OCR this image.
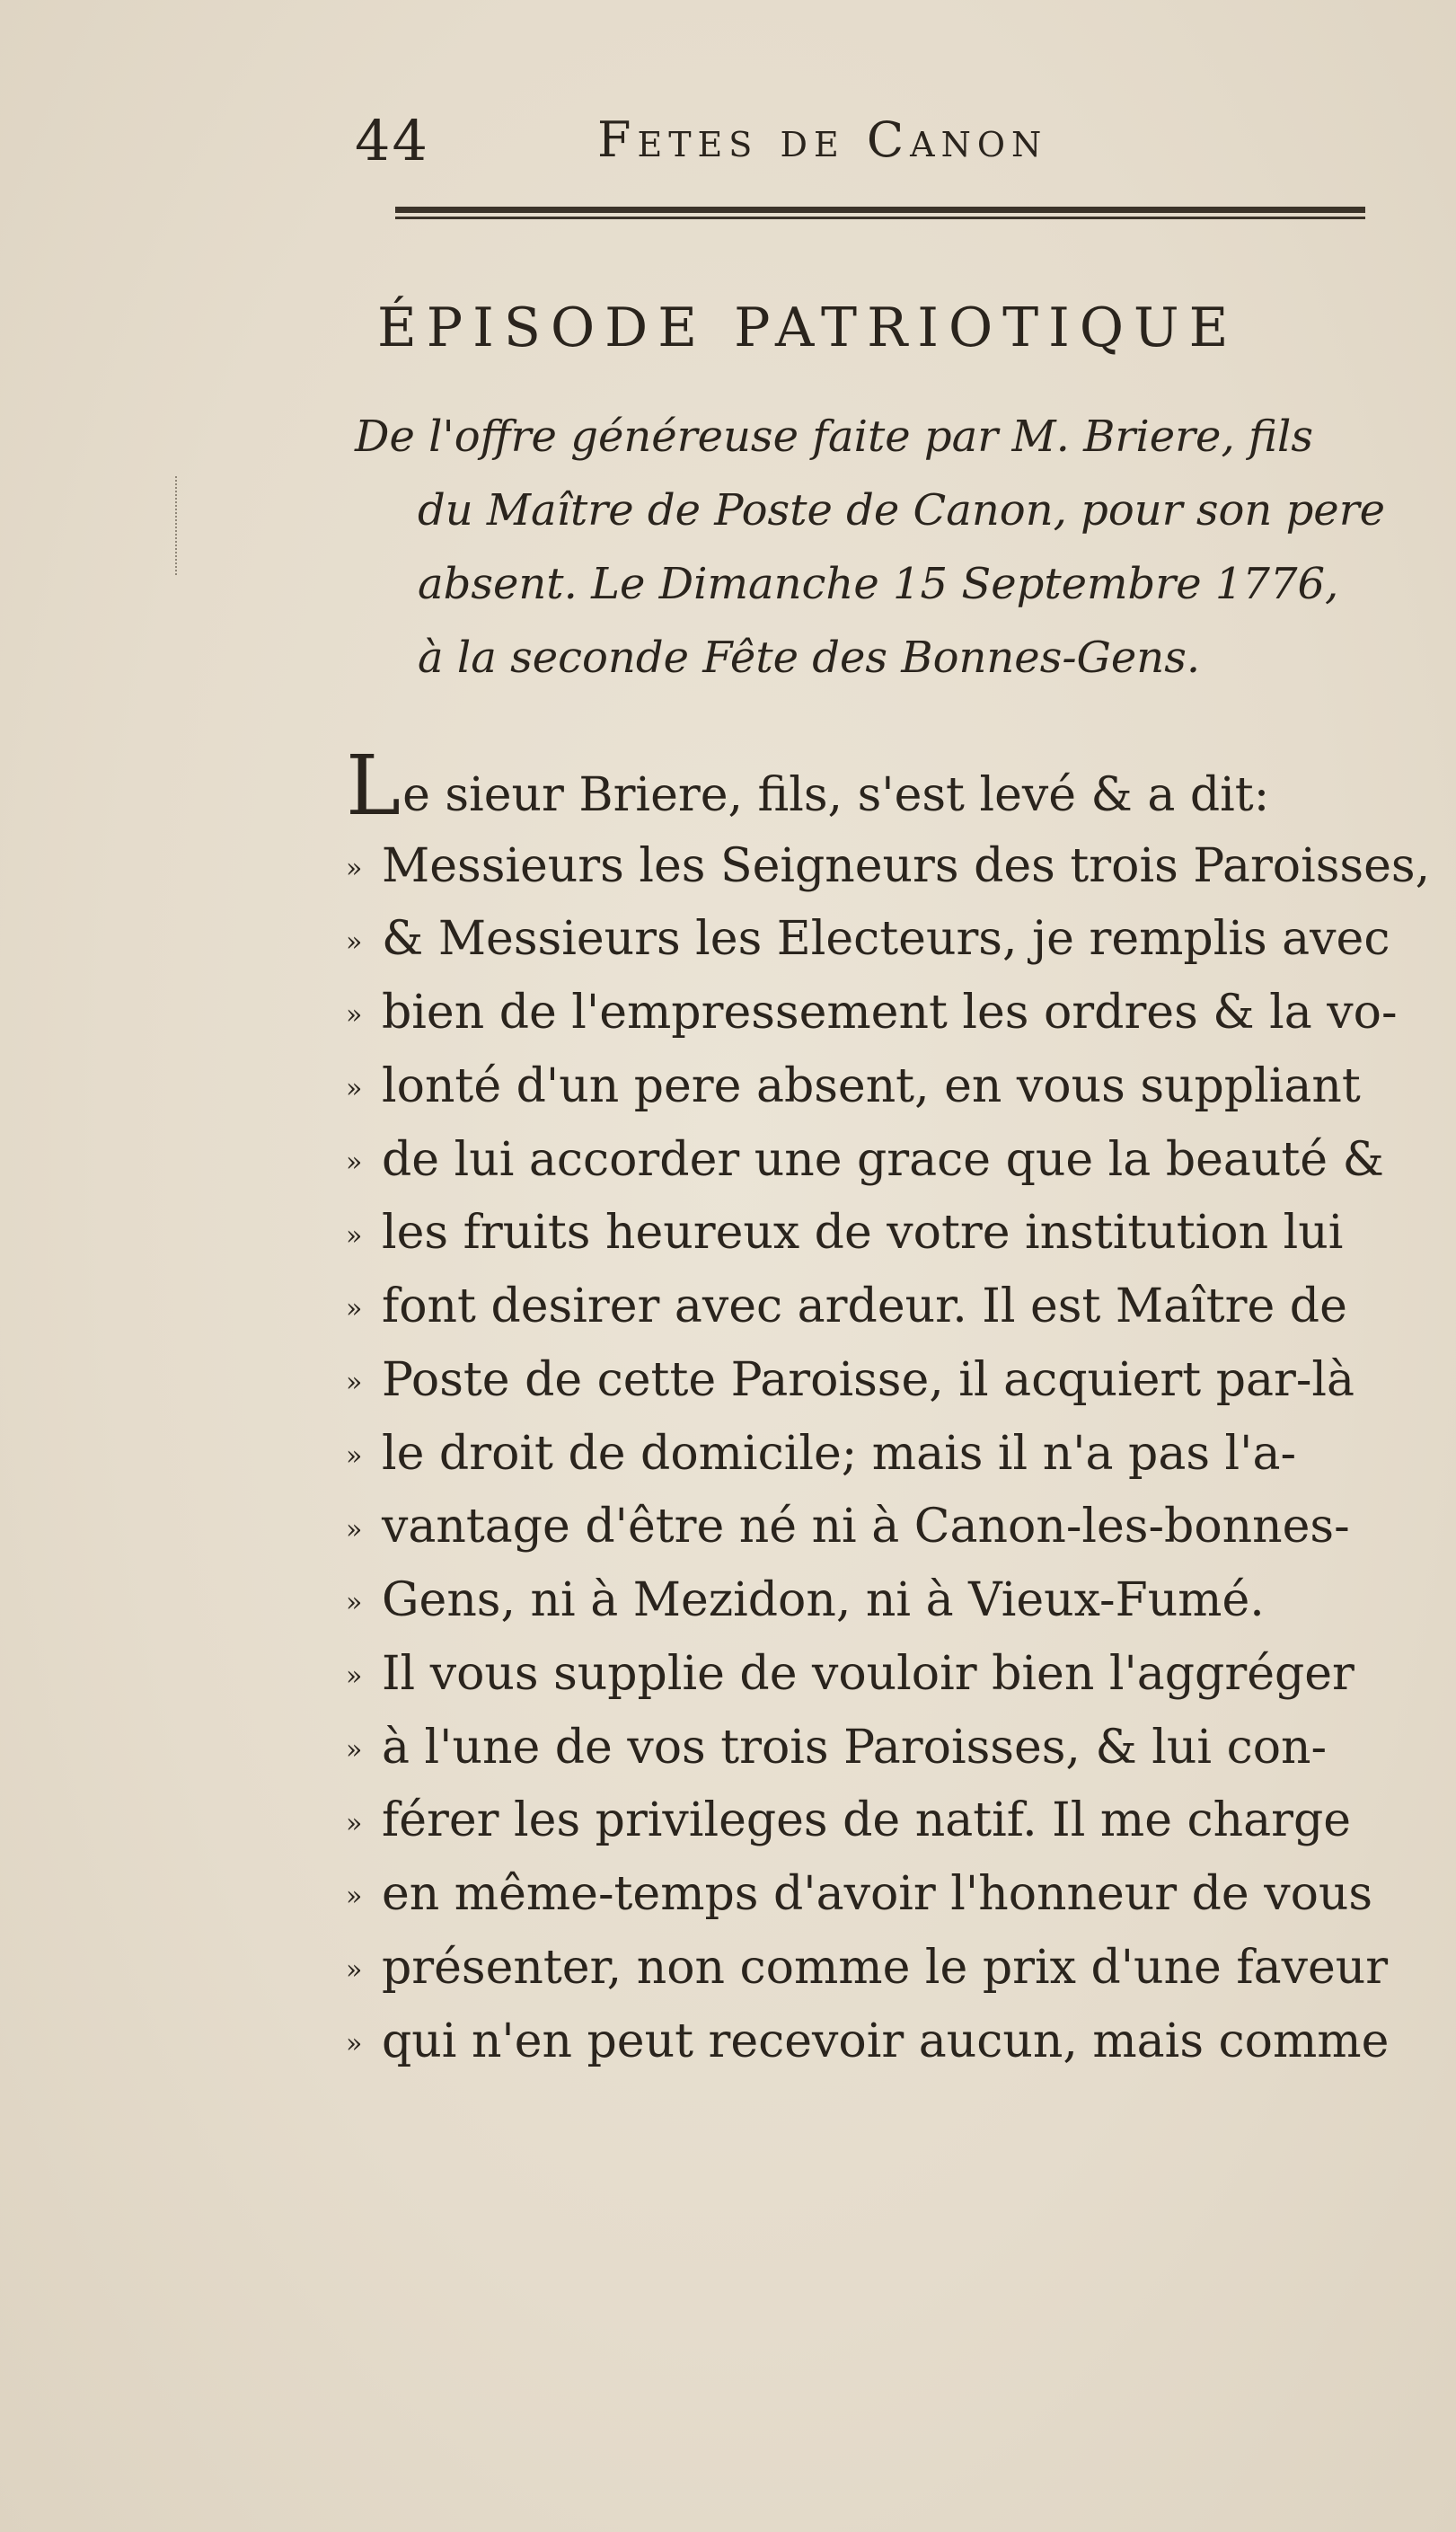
44	Fetes de Canon
ÉPISODE PATRIOTIQUE
De l'offre généreuse faite par M. Briere, fils
du Maître de Poste de Canon, pour son pere
absent. Le Dimanche 15 Septembre 1776,
à la seconde Fête des Bonnes-Gens.
Le sieur Briere, fils, s'est levé & a dit:
» Messieurs les Seigneurs des trois Paroisses,
» & Messieurs les Electeurs, je remplis avec
» bien de l'empressement les ordres & la vo-
» lonté d'un pere absent, en vous suppliant
» de lui accorder une grace que la beauté &
» les fruits heureux de votre institution lui
» font desirer avec ardeur. Il est Maître de
» Poste de cette Paroisse, il acquiert par-là
» le droit de domicile; mais il n'a pas l'a-
» vantage d'être né ni à Canon-les-bonnes-
» Gens, ni à Mezidon, ni à Vieux-Fumé.
» Il vous supplie de vouloir bien l'aggréger
» à l'une de vos trois Paroisses, & lui con-
» férer les privileges de natif. Il me charge
» en même-temps d'avoir l'honneur de vous
» présenter, non comme le prix d'une faveur
» qui n'en peut recevoir aucun, mais comme
